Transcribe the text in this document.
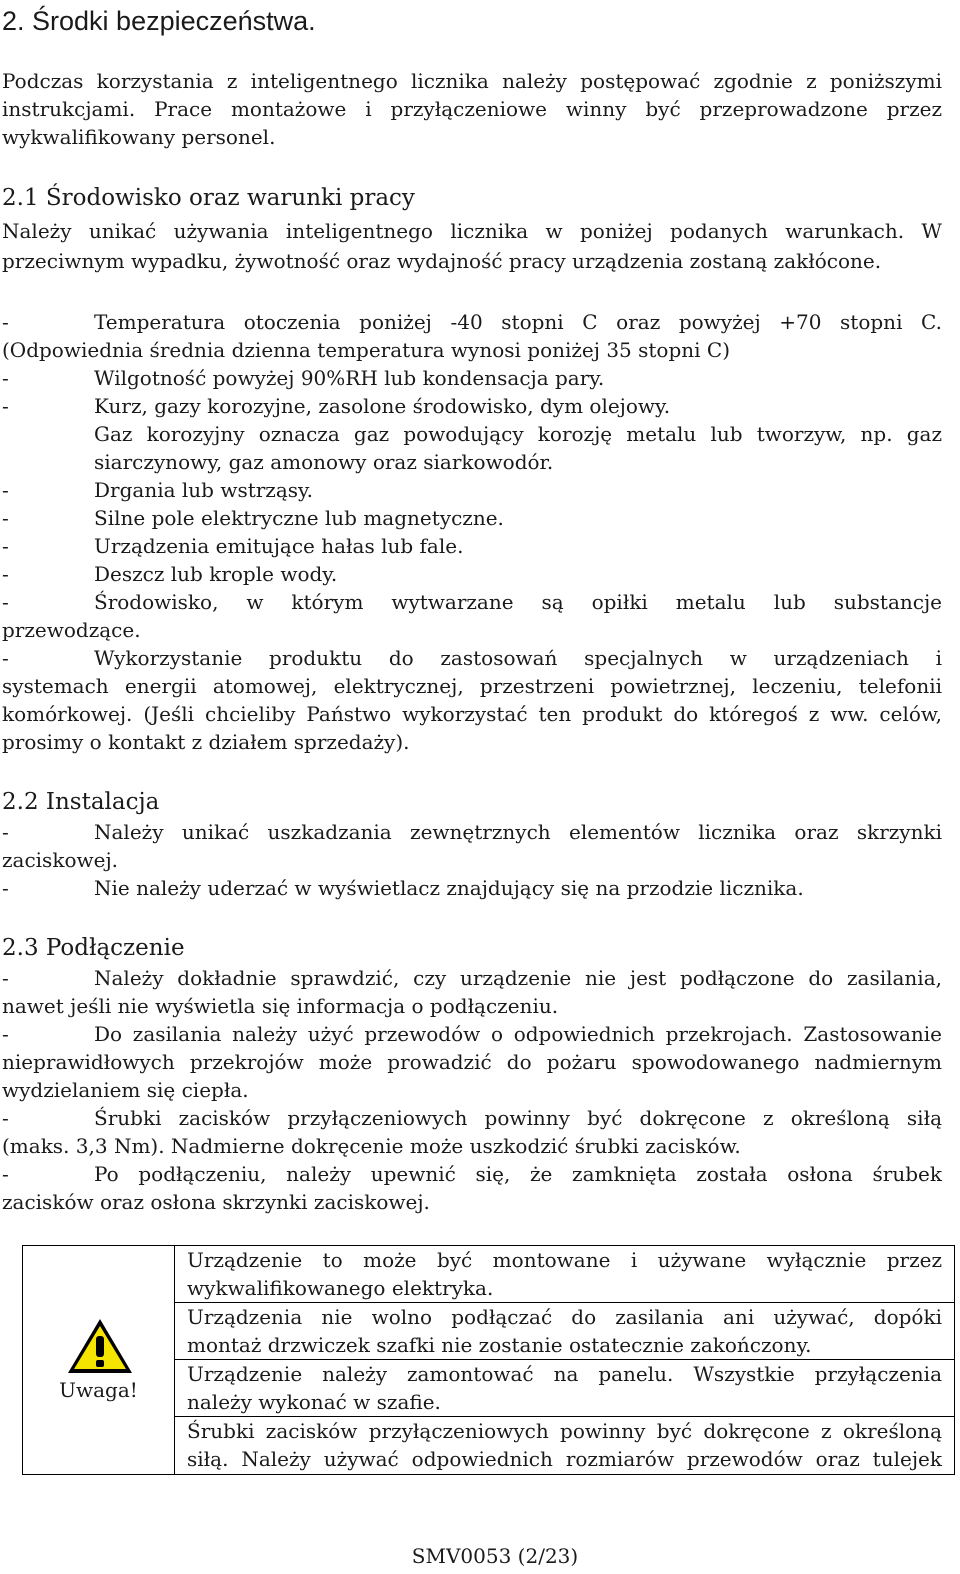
2. Środki bezpieczeństwa.
Podczas korzystania z inteligentnego licznika należy postępować zgodnie z poniższymi
instrukcjami. Prace montażowe i przyłączeniowe winny być przeprowadzone przez
wykwalifikowany personel.
2.1 Środowisko oraz warunki pracy
Należy unikać używania inteligentnego licznika w poniżej podanych warunkach. W
przeciwnym wypadku, żywotność oraz wydajność pracy urządzenia zostaną zakłócone.
-	Temperatura otoczenia poniżej -40 stopni C oraz powyżej +70 stopni C.
(Odpowiednia średnia dzienna temperatura wynosi poniżej 35 stopni C)
-	Wilgotność powyżej 90%RH lub kondensacja pary.
-	Kurz, gazy korozyjne, zasolone środowisko, dym olejowy.
Gaz korozyjny oznacza gaz powodujący korozję metalu lub tworzyw, np. gaz
siarczynowy, gaz amonowy oraz siarkowodór.
-	Drgania lub wstrząsy.
-	Silne pole elektryczne lub magnetyczne.
-	Urządzenia emitujące hałas lub fale.
-	Deszcz lub krople wody.
-	Środowisko, w którym wytwarzane są opiłki metalu lub substancje
przewodzące.
-	Wykorzystanie produktu do zastosowań specjalnych w urządzeniach i
systemach energii atomowej, elektrycznej, przestrzeni powietrznej, leczeniu, telefonii
komórkowej. (Jeśli chcieliby Państwo wykorzystać ten produkt do któregoś z ww. celów,
prosimy o kontakt z działem sprzedaży).
2.2 Instalacja
-	Należy unikać uszkadzania zewnętrznych elementów licznika oraz skrzynki
zaciskowej.
-	Nie należy uderzać w wyświetlacz znajdujący się na przodzie licznika.
2.3 Podłączenie
-	Należy dokładnie sprawdzić, czy urządzenie nie jest podłączone do zasilania,
nawet jeśli nie wyświetla się informacja o podłączeniu.
-	Do zasilania należy użyć przewodów o odpowiednich przekrojach. Zastosowanie
nieprawidłowych przekrojów może prowadzić do pożaru spowodowanego nadmiernym
wydzielaniem się ciepła.
-	Śrubki zacisków przyłączeniowych powinny być dokręcone z określoną siłą
(maks. 3,3 Nm). Nadmierne dokręcenie może uszkodzić śrubki zacisków.
-	Po podłączeniu, należy upewnić się, że zamknięta została osłona śrubek
zacisków oraz osłona skrzynki zaciskowej.
Uwaga!
Urządzenie to może być montowane i używane wyłącznie przez
wykwalifikowanego elektryka.
Urządzenia nie wolno podłączać do zasilania ani używać, dopóki
montaż drzwiczek szafki nie zostanie ostatecznie zakończony.
Urządzenie należy zamontować na panelu. Wszystkie przyłączenia
należy wykonać w szafie.
Śrubki zacisków przyłączeniowych powinny być dokręcone z określoną
siłą. Należy używać odpowiednich rozmiarów przewodów oraz tulejek
SMV0053 (2/23)
